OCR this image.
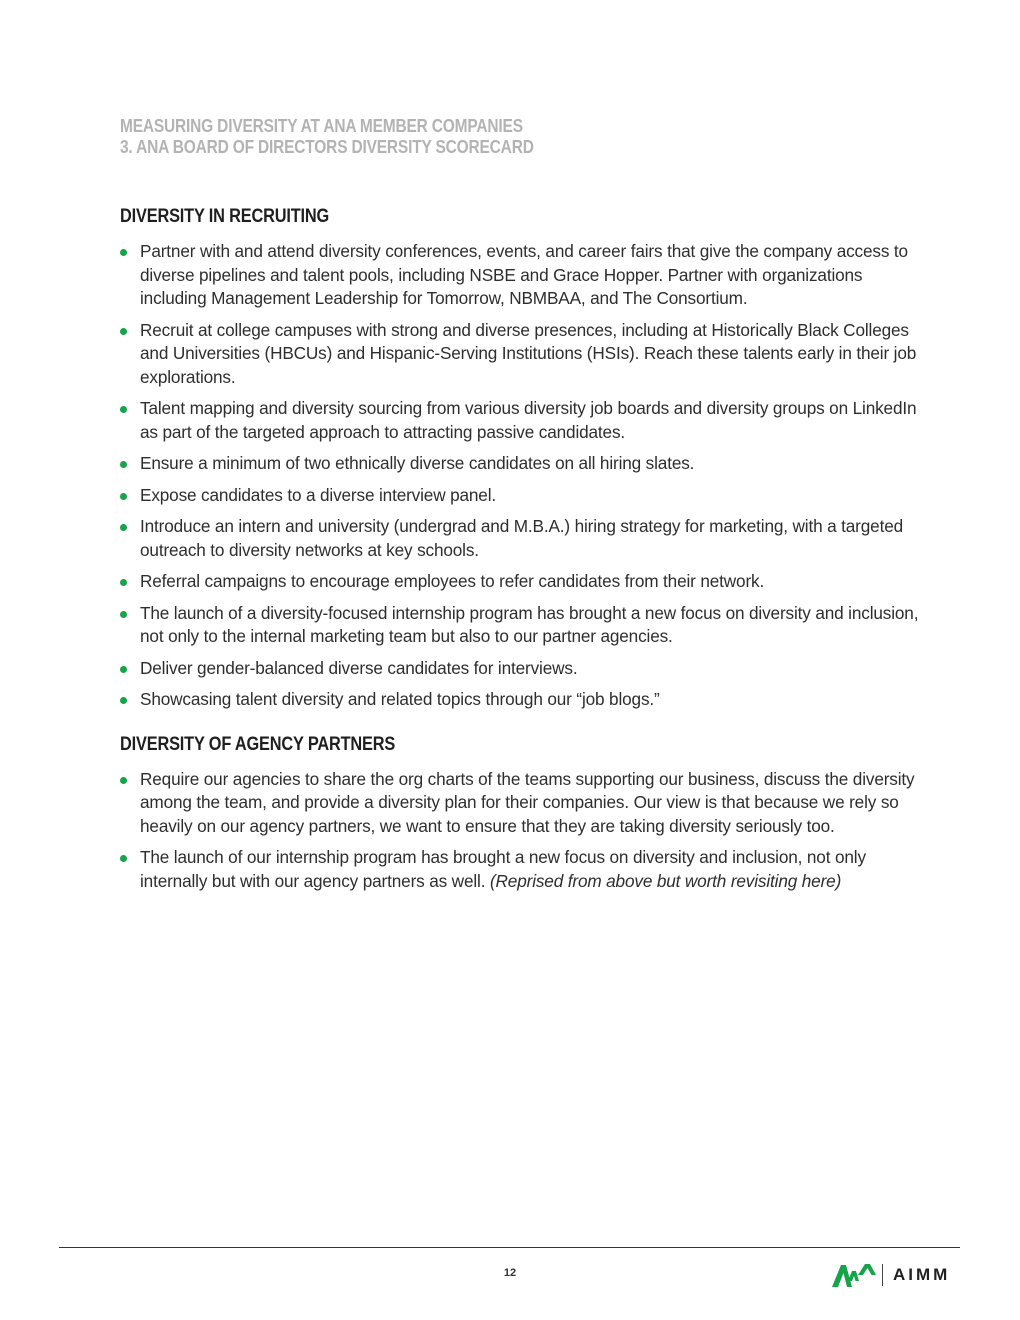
MEASURING DIVERSITY AT ANA MEMBER COMPANIES
3. ANA BOARD OF DIRECTORS DIVERSITY SCORECARD
DIVERSITY IN RECRUITING
Partner with and attend diversity conferences, events, and career fairs that give the company access to diverse pipelines and talent pools, including NSBE and Grace Hopper. Partner with organizations including Management Leadership for Tomorrow, NBMBAA, and The Consortium.
Recruit at college campuses with strong and diverse presences, including at Historically Black Colleges and Universities (HBCUs) and Hispanic-Serving Institutions (HSIs). Reach these talents early in their job explorations.
Talent mapping and diversity sourcing from various diversity job boards and diversity groups on LinkedIn as part of the targeted approach to attracting passive candidates.
Ensure a minimum of two ethnically diverse candidates on all hiring slates.
Expose candidates to a diverse interview panel.
Introduce an intern and university (undergrad and M.B.A.) hiring strategy for marketing, with a targeted outreach to diversity networks at key schools.
Referral campaigns to encourage employees to refer candidates from their network.
The launch of a diversity-focused internship program has brought a new focus on diversity and inclusion, not only to the internal marketing team but also to our partner agencies.
Deliver gender-balanced diverse candidates for interviews.
Showcasing talent diversity and related topics through our “job blogs.”
DIVERSITY OF AGENCY PARTNERS
Require our agencies to share the org charts of the teams supporting our business, discuss the diversity among the team, and provide a diversity plan for their companies. Our view is that because we rely so heavily on our agency partners, we want to ensure that they are taking diversity seriously too.
The launch of our internship program has brought a new focus on diversity and inclusion, not only internally but with our agency partners as well. (Reprised from above but worth revisiting here)
12	AIMM
